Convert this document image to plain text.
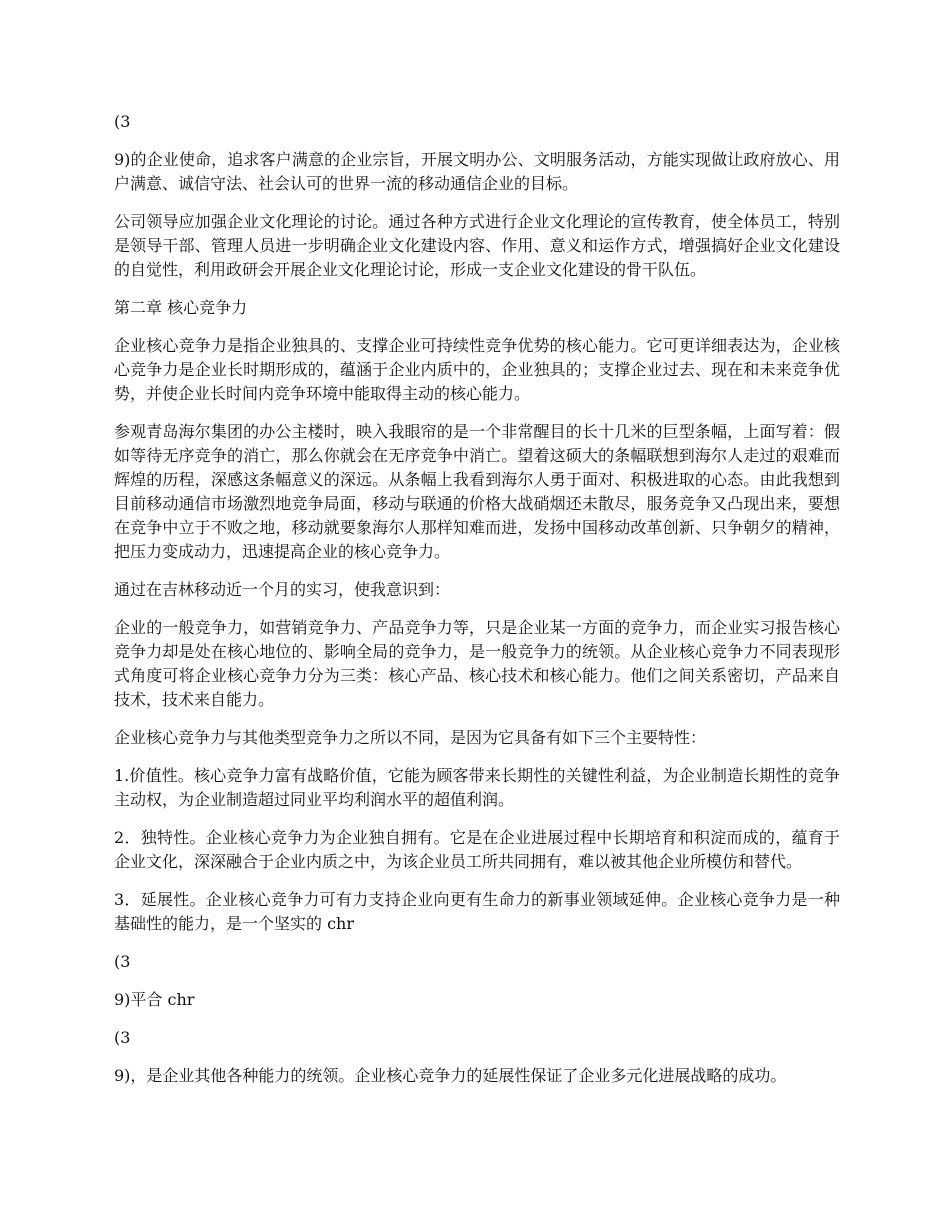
(3

9)的企业使命，追求客户满意的企业宗旨，开展文明办公、文明服务活动，方能实现做让政府放心、用户满意、诚信守法、社会认可的世界一流的移动通信企业的目标。

公司领导应加强企业文化理论的讨论。通过各种方式进行企业文化理论的宣传教育，使全体员工，特别是领导干部、管理人员进一步明确企业文化建设内容、作用、意义和运作方式，增强搞好企业文化建设的自觉性，利用政研会开展企业文化理论讨论，形成一支企业文化建设的骨干队伍。

第二章 核心竞争力

企业核心竞争力是指企业独具的、支撑企业可持续性竞争优势的核心能力。它可更详细表达为，企业核心竞争力是企业长时期形成的，蕴涵于企业内质中的，企业独具的；支撑企业过去、现在和未来竞争优势，并使企业长时间内竞争环境中能取得主动的核心能力。

参观青岛海尔集团的办公主楼时，映入我眼帘的是一个非常醒目的长十几米的巨型条幅，上面写着：假如等待无序竞争的消亡，那么你就会在无序竞争中消亡。望着这硕大的条幅联想到海尔人走过的艰难而辉煌的历程，深感这条幅意义的深远。从条幅上我看到海尔人勇于面对、积极进取的心态。由此我想到目前移动通信市场激烈地竞争局面，移动与联通的价格大战硝烟还未散尽，服务竞争又凸现出来，要想在竞争中立于不败之地，移动就要象海尔人那样知难而进，发扬中国移动改革创新、只争朝夕的精神，把压力变成动力，迅速提高企业的核心竞争力。

通过在吉林移动近一个月的实习，使我意识到：

企业的一般竞争力，如营销竞争力、产品竞争力等，只是企业某一方面的竞争力，而企业实习报告核心竞争力却是处在核心地位的、影响全局的竞争力，是一般竞争力的统领。从企业核心竞争力不同表现形式角度可将企业核心竞争力分为三类：核心产品、核心技术和核心能力。他们之间关系密切，产品来自技术，技术来自能力。

企业核心竞争力与其他类型竞争力之所以不同，是因为它具备有如下三个主要特性：

1.价值性。核心竞争力富有战略价值，它能为顾客带来长期性的关键性利益，为企业制造长期性的竞争主动权，为企业制造超过同业平均利润水平的超值利润。

2．独特性。企业核心竞争力为企业独自拥有。它是在企业进展过程中长期培育和积淀而成的，蕴育于企业文化，深深融合于企业内质之中，为该企业员工所共同拥有，难以被其他企业所模仿和替代。

3．延展性。企业核心竞争力可有力支持企业向更有生命力的新事业领域延伸。企业核心竞争力是一种基础性的能力，是一个坚实的 chr

(3

9)平合 chr

(3

9)，是企业其他各种能力的统领。企业核心竞争力的延展性保证了企业多元化进展战略的成功。
